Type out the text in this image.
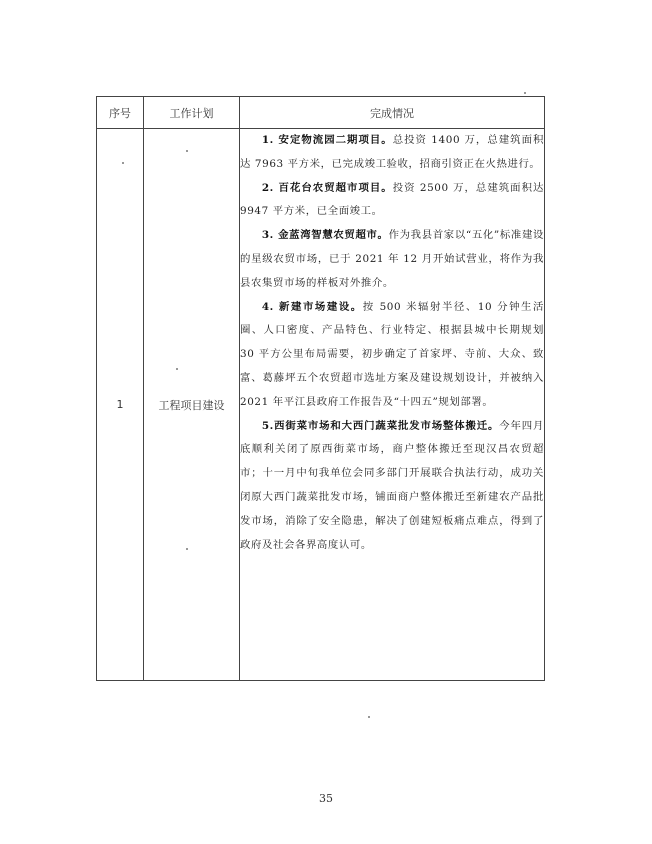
序号	工作计划	完成情况
1	工程项目建设	1. 安定物流园二期项目。总投资 1400 万，总建筑面积达 7963 平方米，已完成竣工验收，招商引资正在火热进行。

2. 百花台农贸超市项目。投资 2500 万，总建筑面积达 9947 平方米，已全面竣工。

3. 金蓝湾智慧农贸超市。作为我县首家以“五化”标准建设的星级农贸市场，已于 2021 年 12 月开始试营业，将作为我县农集贸市场的样板对外推介。

4. 新建市场建设。按 500 米辐射半径、10 分钟生活圈、人口密度、产品特色、行业特定、根据县城中长期规划 30 平方公里布局需要，初步确定了首家坪、寺前、大众、致富、葛藤坪五个农贸超市选址方案及建设规划设计，并被纳入 2021 年平江县政府工作报告及“十四五”规划部署。

5.西街菜市场和大西门蔬菜批发市场整体搬迁。今年四月底顺利关闭了原西街菜市场，商户整体搬迁至现汉昌农贸超市；十一月中旬我单位会同多部门开展联合执法行动，成功关闭原大西门蔬菜批发市场，铺面商户整体搬迁至新建农产品批发市场，消除了安全隐患，解决了创建短板痛点难点，得到了政府及社会各界高度认可。

35
